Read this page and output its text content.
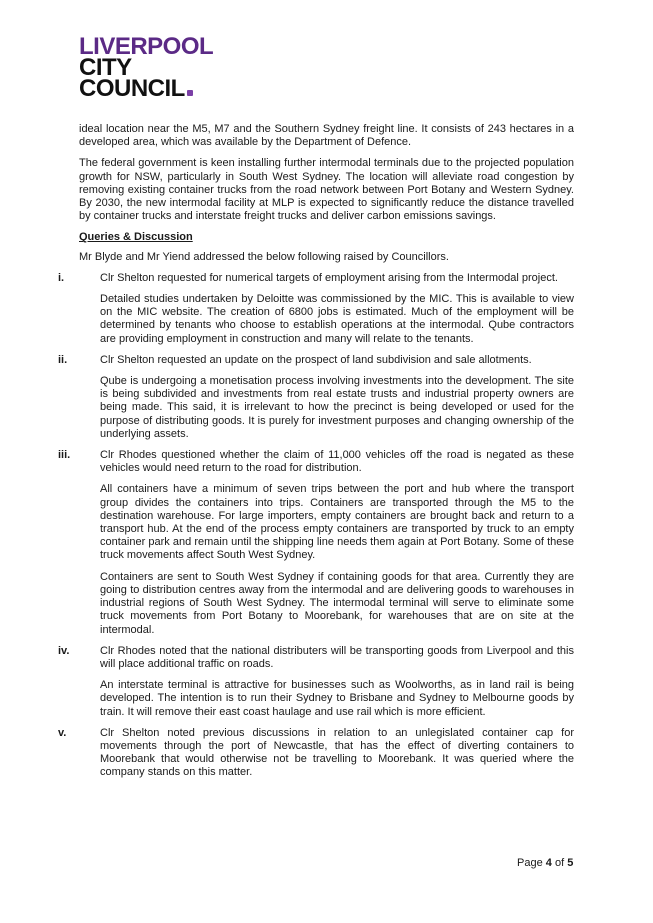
LIVERPOOL
CITY
COUNCIL

ideal location near the M5, M7 and the Southern Sydney freight line. It consists of 243 hectares in a developed area, which was available by the Department of Defence.

The federal government is keen installing further intermodal terminals due to the projected population growth for NSW, particularly in South West Sydney. The location will alleviate road congestion by removing existing container trucks from the road network between Port Botany and Western Sydney. By 2030, the new intermodal facility at MLP is expected to significantly reduce the distance travelled by container trucks and interstate freight trucks and deliver carbon emissions savings.

Queries & Discussion

Mr Blyde and Mr Yiend addressed the below following raised by Councillors.

i.	Clr Shelton requested for numerical targets of employment arising from the Intermodal project.

Detailed studies undertaken by Deloitte was commissioned by the MIC. This is available to view on the MIC website. The creation of 6800 jobs is estimated. Much of the employment will be determined by tenants who choose to establish operations at the intermodal. Qube contractors are providing employment in construction and many will relate to the tenants.

ii.	Clr Shelton requested an update on the prospect of land subdivision and sale allotments.

Qube is undergoing a monetisation process involving investments into the development. The site is being subdivided and investments from real estate trusts and industrial property owners are being made. This said, it is irrelevant to how the precinct is being developed or used for the purpose of distributing goods. It is purely for investment purposes and changing ownership of the underlying assets.

iii.	Clr Rhodes questioned whether the claim of 11,000 vehicles off the road is negated as these vehicles would need return to the road for distribution.

All containers have a minimum of seven trips between the port and hub where the transport group divides the containers into trips. Containers are transported through the M5 to the destination warehouse. For large importers, empty containers are brought back and return to a transport hub. At the end of the process empty containers are transported by truck to an empty container park and remain until the shipping line needs them again at Port Botany. Some of these truck movements affect South West Sydney.

Containers are sent to South West Sydney if containing goods for that area. Currently they are going to distribution centres away from the intermodal and are delivering goods to warehouses in industrial regions of South West Sydney. The intermodal terminal will serve to eliminate some truck movements from Port Botany to Moorebank, for warehouses that are on site at the intermodal.

iv.	Clr Rhodes noted that the national distributers will be transporting goods from Liverpool and this will place additional traffic on roads.

An interstate terminal is attractive for businesses such as Woolworths, as in land rail is being developed. The intention is to run their Sydney to Brisbane and Sydney to Melbourne goods by train. It will remove their east coast haulage and use rail which is more efficient.

v.	Clr Shelton noted previous discussions in relation to an unlegislated container cap for movements through the port of Newcastle, that has the effect of diverting containers to Moorebank that would otherwise not be travelling to Moorebank. It was queried where the company stands on this matter.

Page 4 of 5
